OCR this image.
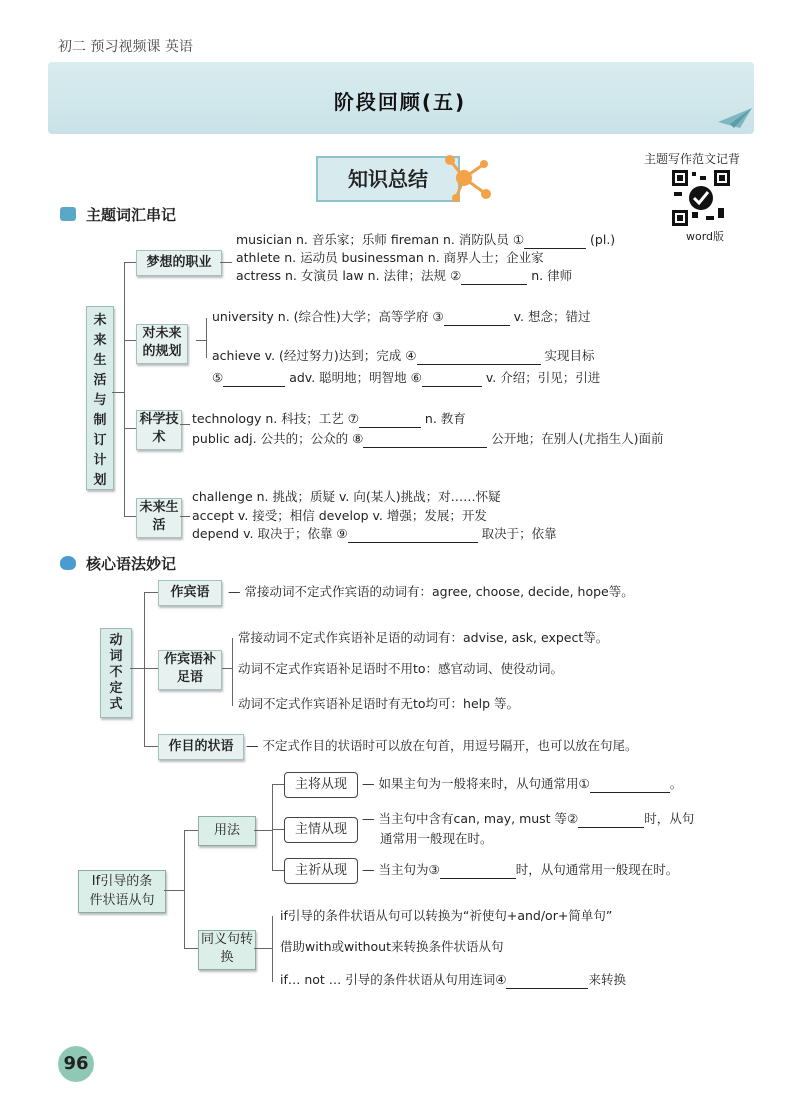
初二 预习视频课 英语
阶段回顾(五)
知识总结
主题写作范文记背
word版
主题词汇串记
未来生活与制订计划
梦想的职业
对未来的规划
科学技术
未来生活
musician n. 音乐家；乐师 fireman n. 消防队员 ①	(pl.)
athlete n. 运动员 businessman n. 商界人士；企业家
actress n. 女演员 law n. 法律；法规 ②	n. 律师
university n. (综合性)大学；高等学府 ③	v. 想念；错过
achieve v. (经过努力)达到；完成 ④	实现目标
⑤	adv. 聪明地；明智地 ⑥	v. 介绍；引见；引进
technology n. 科技；工艺 ⑦	n. 教育
public adj. 公共的；公众的 ⑧	公开地；在别人(尤指生人)面前
challenge n. 挑战；质疑 v. 向(某人)挑战；对……怀疑
accept v. 接受；相信 develop v. 增强；发展；开发
depend v. 取决于；依靠 ⑨	取决于；依靠
核心语法妙记
动词不定式
作宾语	— 常接动词不定式作宾语的动词有：agree, choose, decide, hope等。
作宾语补足语
常接动词不定式作宾语补足语的动词有：advise, ask, expect等。
动词不定式作宾语补足语时不用to：感官动词、使役动词。
动词不定式作宾语补足语时有无to均可：help 等。
作目的状语	— 不定式作目的状语时可以放在句首，用逗号隔开，也可以放在句尾。
If引导的条件状语从句
用法
主将从现	— 如果主句为一般将来时，从句通常用①	。
主情从现
— 当主句中含有can, may, must 等②	时，从句
通常用一般现在时。
主祈从现	— 当主句为③	时，从句通常用一般现在时。
同义句转换
if引导的条件状语从句可以转换为“祈使句+and/or+简单句”
借助with或without来转换条件状语从句
if… not … 引导的条件状语从句用连词④	来转换
96
